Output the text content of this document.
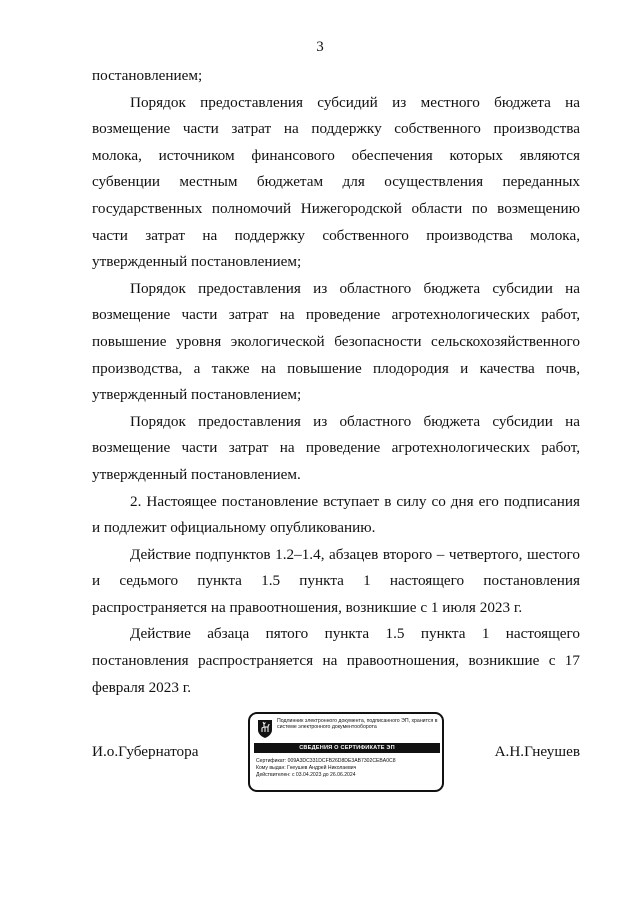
3

постановлением;

Порядок предоставления субсидий из местного бюджета на возмещение части затрат на поддержку собственного производства молока, источником финансового обеспечения которых являются субвенции местным бюджетам для осуществления переданных государственных полномочий Нижегородской области по возмещению части затрат на поддержку собственного производства молока, утвержденный постановлением;

Порядок предоставления из областного бюджета субсидии на возмещение части затрат на проведение агротехнологических работ, повышение уровня экологической безопасности сельскохозяйственного производства, а также на повышение плодородия и качества почв, утвержденный постановлением;

Порядок предоставления из областного бюджета субсидии на возмещение части затрат на проведение агротехнологических работ, утвержденный постановлением.

2. Настоящее постановление вступает в силу со дня его подписания и подлежит официальному опубликованию.

Действие подпунктов 1.2–1.4, абзацев второго – четвертого, шестого и седьмого пункта 1.5 пункта 1 настоящего постановления распространяется на правоотношения, возникшие с 1 июля 2023 г.

Действие абзаца пятого пункта 1.5 пункта 1 настоящего постановления распространяется на правоотношения, возникшие с 17 февраля 2023 г.

И.о.Губернатора
Подлинник электронного документа, подписанного ЭП, хранится в системе электронного документооборота
СВЕДЕНИЯ О СЕРТИФИКАТЕ ЭП
Сертификат: 009A3DC331DCFB26D8DE3AB7302CEBA0C8
Кому выдан: Гнеушев Андрей Николаевич
Действителен: с 03.04.2023 до 26.06.2024
А.Н.Гнеушев
